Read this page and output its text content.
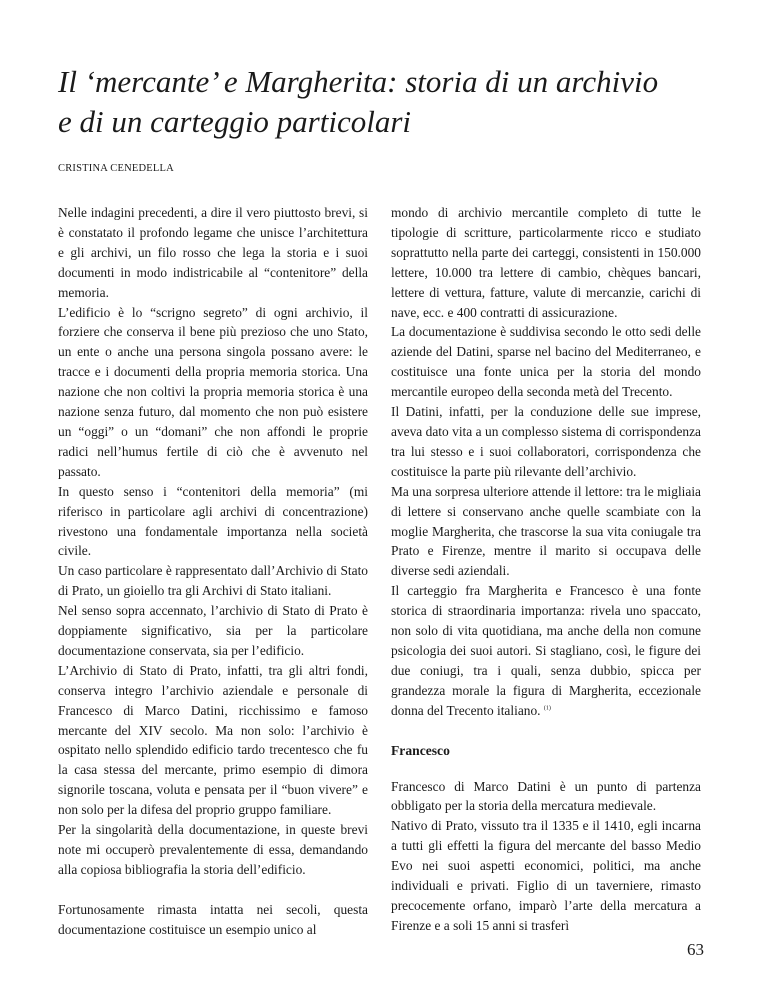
Il ‘mercante’ e Margherita: storia di un archivio
e di un carteggio particolari
CRISTINA CENEDELLA

Nelle indagini precedenti, a dire il vero piuttosto brevi, si è constatato il profondo legame che unisce l’architettura e gli archivi, un filo rosso che lega la storia e i suoi documenti in modo indistricabile al “contenitore” della memoria.

L’edificio è lo “scrigno segreto” di ogni archivio, il forziere che conserva il bene più prezioso che uno Stato, un ente o anche una persona singola possano avere: le tracce e i documenti della propria memoria storica. Una nazione che non coltivi la propria memoria storica è una nazione senza futuro, dal momento che non può esistere un “oggi” o un “domani” che non affondi le proprie radici nell’humus fertile di ciò che è avvenuto nel passato.

In questo senso i “contenitori della memoria” (mi riferisco in particolare agli archivi di concentrazione) rivestono una fondamentale importanza nella società civile.

Un caso particolare è rappresentato dall’Archivio di Stato di Prato, un gioiello tra gli Archivi di Stato italiani.

Nel senso sopra accennato, l’archivio di Stato di Prato è doppiamente significativo, sia per la particolare documentazione conservata, sia per l’edificio.

L’Archivio di Stato di Prato, infatti, tra gli altri fondi, conserva integro l’archivio aziendale e personale di Francesco di Marco Datini, ricchissimo e famoso mercante del XIV secolo. Ma non solo: l’archivio è ospitato nello splendido edificio tardo trecentesco che fu la casa stessa del mercante, primo esempio di dimora signorile toscana, voluta e pensata per il “buon vivere” e non solo per la difesa del proprio gruppo familiare.

Per la singolarità della documentazione, in queste brevi note mi occuperò prevalentemente di essa, demandando alla copiosa bibliografia la storia dell’edificio.

Fortunosamente rimasta intatta nei secoli, questa documentazione costituisce un esempio unico al

mondo di archivio mercantile completo di tutte le tipologie di scritture, particolarmente ricco e studiato soprattutto nella parte dei carteggi, consistenti in 150.000 lettere, 10.000 tra lettere di cambio, chèques bancari, lettere di vettura, fatture, valute di mercanzie, carichi di nave, ecc. e 400 contratti di assicurazione.

La documentazione è suddivisa secondo le otto sedi delle aziende del Datini, sparse nel bacino del Mediterraneo, e costituisce una fonte unica per la storia del mondo mercantile europeo della seconda metà del Trecento.

Il Datini, infatti, per la conduzione delle sue imprese, aveva dato vita a un complesso sistema di corrispondenza tra lui stesso e i suoi collaboratori, corrispondenza che costituisce la parte più rilevante dell’archivio.

Ma una sorpresa ulteriore attende il lettore: tra le migliaia di lettere si conservano anche quelle scambiate con la moglie Margherita, che trascorse la sua vita coniugale tra Prato e Firenze, mentre il marito si occupava delle diverse sedi aziendali.

Il carteggio fra Margherita e Francesco è una fonte storica di straordinaria importanza: rivela uno spaccato, non solo di vita quotidiana, ma anche della non comune psicologia dei suoi autori. Si stagliano, così, le figure dei due coniugi, tra i quali, senza dubbio, spicca per grandezza morale la figura di Margherita, eccezionale donna del Trecento italiano. $^{(1)}$

Francesco

Francesco di Marco Datini è un punto di partenza obbligato per la storia della mercatura medievale.

Nativo di Prato, vissuto tra il 1335 e il 1410, egli incarna a tutti gli effetti la figura del mercante del basso Medio Evo nei suoi aspetti economici, politici, ma anche individuali e privati. Figlio di un taverniere, rimasto precocemente orfano, imparò l’arte della mercatura a Firenze e a soli 15 anni si trasferì

63
